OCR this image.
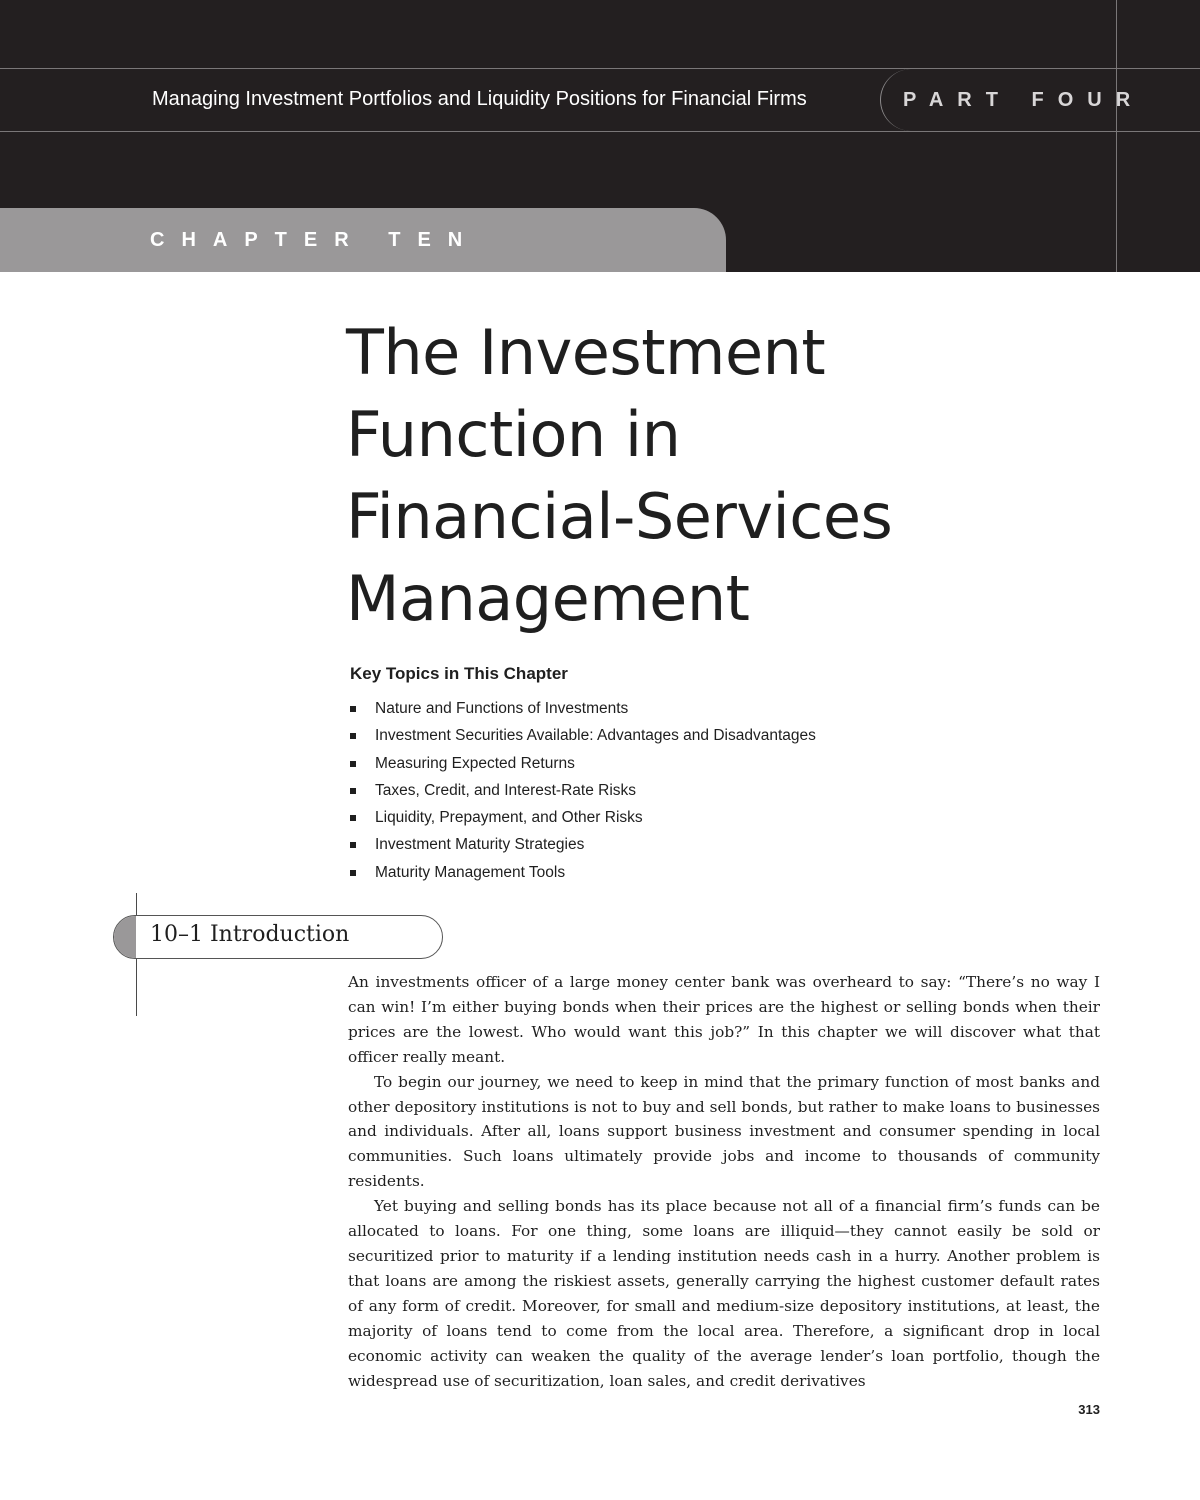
Managing Investment Portfolios and Liquidity Positions for Financial Firms	PART FOUR
CHAPTER TEN
The Investment
Function in
Financial-Services
Management
Key Topics in This Chapter
Nature and Functions of Investments
Investment Securities Available: Advantages and Disadvantages
Measuring Expected Returns
Taxes, Credit, and Interest-Rate Risks
Liquidity, Prepayment, and Other Risks
Investment Maturity Strategies
Maturity Management Tools
10–1 Introduction

An investments officer of a large money center bank was overheard to say: “There’s no way I can win! I’m either buying bonds when their prices are the highest or selling bonds when their prices are the lowest. Who would want this job?” In this chapter we will discover what that officer really meant.

To begin our journey, we need to keep in mind that the primary function of most banks and other depository institutions is not to buy and sell bonds, but rather to make loans to businesses and individuals. After all, loans support business investment and consumer spending in local communities. Such loans ultimately provide jobs and income to thousands of community residents.

Yet buying and selling bonds has its place because not all of a financial firm’s funds can be allocated to loans. For one thing, some loans are illiquid—they cannot easily be sold or securitized prior to maturity if a lending institution needs cash in a hurry. Another problem is that loans are among the riskiest assets, generally carrying the highest customer default rates of any form of credit. Moreover, for small and medium-size depository institutions, at least, the majority of loans tend to come from the local area. Therefore, a significant drop in local economic activity can weaken the quality of the average lender’s loan portfolio, though the widespread use of securitization, loan sales, and credit derivatives

313
